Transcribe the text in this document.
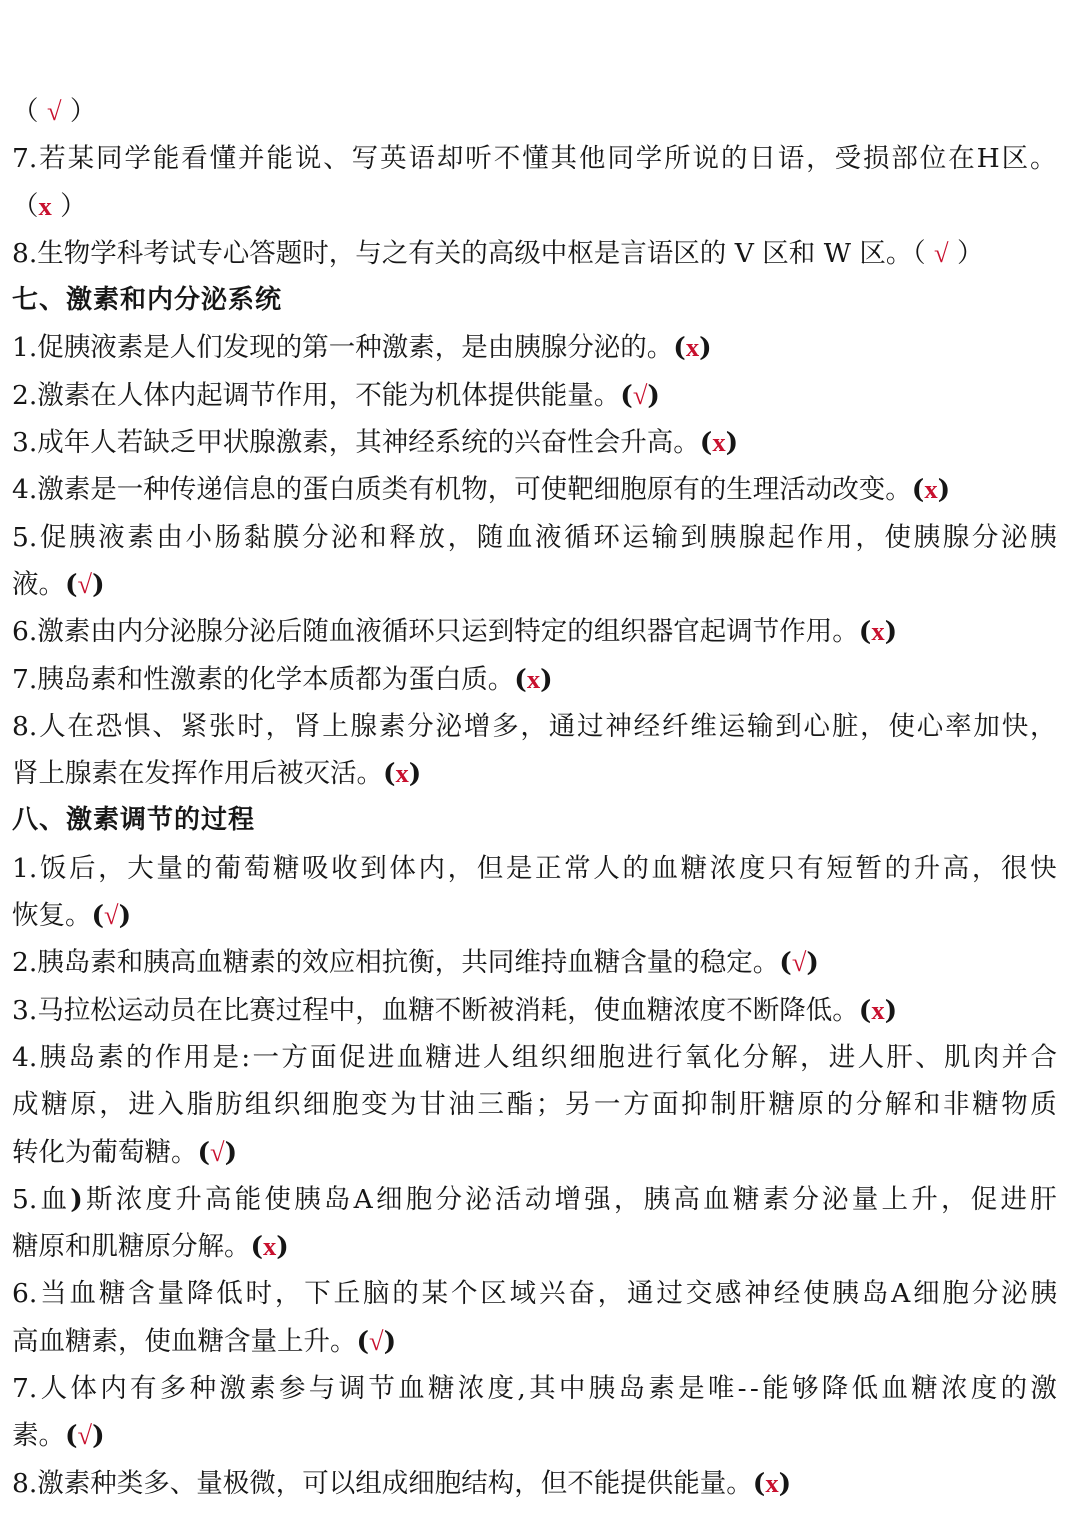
（ √ ）
7. 若 某 同 学 能 看 懂 并 能 说 、 写 英 语 却 听 不 懂 其 他 同 学 所 说 的 日 语 ， 受 损 部 位 在 H 区 。
（x ）
8.生物学科考试专心答题时，与之有关的高级中枢是言语区的 V 区和 W 区。（ √ ）
七、激素和内分泌系统
1.促胰液素是人们发现的第一种激素，是由胰腺分泌的。(x)
2.激素在人体内起调节作用，不能为机体提供能量。(√)
3.成年人若缺乏甲状腺激素，其神经系统的兴奋性会升高。(x)
4.激素是一种传递信息的蛋白质类有机物，可使靶细胞原有的生理活动改变。(x)
5. 促 胰 液 素 由 小 肠 黏 膜 分 泌 和 释 放 ， 随 血 液 循 环 运 输 到 胰 腺 起 作 用 ， 使 胰 腺 分 泌 胰
液。(√)
6.激素由内分泌腺分泌后随血液循环只运到特定的组织器官起调节作用。(x)
7.胰岛素和性激素的化学本质都为蛋白质。(x)
8. 人 在 恐 惧 、 紧 张 时 ， 肾 上 腺 素 分 泌 增 多 ， 通 过 神 经 纤 维 运 输 到 心 脏 ， 使 心 率 加 快 ，
肾上腺素在发挥作用后被灭活。(x)
八、激素调节的过程
1. 饭 后 ， 大 量 的 葡 萄 糖 吸 收 到 体 内 ， 但 是 正 常 人 的 血 糖 浓 度 只 有 短 暂 的 升 高 ， 很 快
恢复。(√)
2.胰岛素和胰高血糖素的效应相抗衡，共同维持血糖含量的稳定。(√)
3.马拉松运动员在比赛过程中，血糖不断被消耗，使血糖浓度不断降低。(x)
4. 胰 岛 素 的 作 用 是 : 一 方 面 促 进 血 糖 进 人 组 织 细 胞 进 行 氧 化 分 解 ， 进 人 肝 、 肌 肉 并 合
成 糖 原 ， 进 入 脂 肪 组 织 细 胞 变 为 甘 油 三 酯 ； 另 一 方 面 抑 制 肝 糖 原 的 分 解 和 非 糖 物 质
转化为葡萄糖。(√)
5. 血 ) 斯 浓 度 升 高 能 使 胰 岛 A 细 胞 分 泌 活 动 增 强 ， 胰 高 血 糖 素 分 泌 量 上 升 ， 促 进 肝
糖原和肌糖原分解。(x)
6. 当 血 糖 含 量 降 低 时 ， 下 丘 脑 的 某 个 区 域 兴 奋 ， 通 过 交 感 神 经 使 胰 岛 A 细 胞 分 泌 胰
高血糖素，使血糖含量上升。(√)
7. 人 体 内 有 多 种 激 素 参 与 调 节 血 糖 浓 度 , 其 中 胰 岛 素 是 唯 - - 能 够 降 低 血 糖 浓 度 的 激
素。(√)
8.激素种类多、量极微，可以组成细胞结构，但不能提供能量。(x)
